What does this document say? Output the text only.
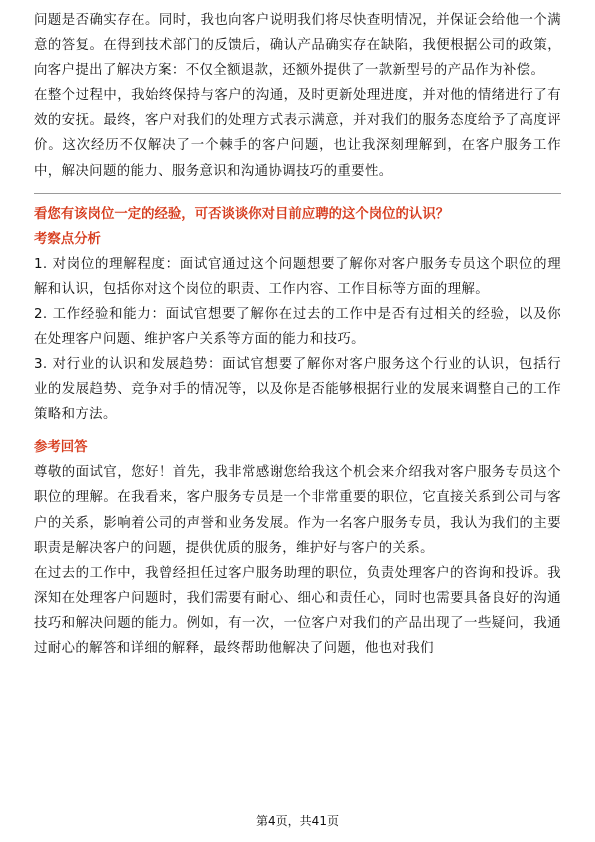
问题是否确实存在。同时，我也向客户说明我们将尽快查明情况，并保证会给他一个满意的答复。在得到技术部门的反馈后，确认产品确实存在缺陷，我便根据公司的政策，向客户提出了解决方案：不仅全额退款，还额外提供了一款新型号的产品作为补偿。

在整个过程中，我始终保持与客户的沟通，及时更新处理进度，并对他的情绪进行了有效的安抚。最终，客户对我们的处理方式表示满意，并对我们的服务态度给予了高度评价。这次经历不仅解决了一个棘手的客户问题，也让我深刻理解到，在客户服务工作中，解决问题的能力、服务意识和沟通协调技巧的重要性。

看您有该岗位一定的经验，可否谈谈你对目前应聘的这个岗位的认识？

考察点分析

1. 对岗位的理解程度：面试官通过这个问题想要了解你对客户服务专员这个职位的理解和认识，包括你对这个岗位的职责、工作内容、工作目标等方面的理解。

2. 工作经验和能力：面试官想要了解你在过去的工作中是否有过相关的经验，以及你在处理客户问题、维护客户关系等方面的能力和技巧。

3. 对行业的认识和发展趋势：面试官想要了解你对客户服务这个行业的认识，包括行业的发展趋势、竞争对手的情况等，以及你是否能够根据行业的发展来调整自己的工作策略和方法。

参考回答

尊敬的面试官，您好！首先，我非常感谢您给我这个机会来介绍我对客户服务专员这个职位的理解。在我看来，客户服务专员是一个非常重要的职位，它直接关系到公司与客户的关系，影响着公司的声誉和业务发展。作为一名客户服务专员，我认为我们的主要职责是解决客户的问题，提供优质的服务，维护好与客户的关系。

在过去的工作中，我曾经担任过客户服务助理的职位，负责处理客户的咨询和投诉。我深知在处理客户问题时，我们需要有耐心、细心和责任心，同时也需要具备良好的沟通技巧和解决问题的能力。例如，有一次，一位客户对我们的产品出现了一些疑问，我通过耐心的解答和详细的解释，最终帮助他解决了问题，他也对我们

第4页，共41页
